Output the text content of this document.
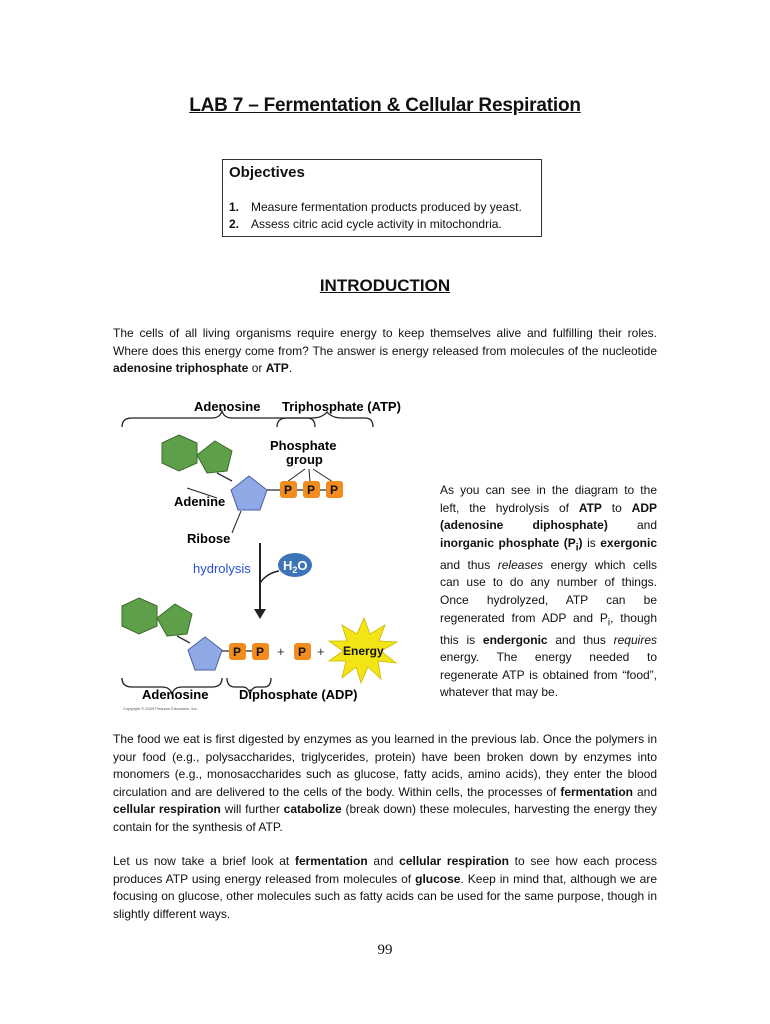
LAB 7 – Fermentation & Cellular Respiration
Objectives
1. Measure fermentation products produced by yeast.
2. Assess citric acid cycle activity in mitochondria.
INTRODUCTION

The cells of all living organisms require energy to keep themselves alive and fulfilling their roles. Where does this energy come from? The answer is energy released from molecules of the nucleotide adenosine triphosphate or ATP.

Adenosine Triphosphate (ATP)
Phosphate
group
P P P
Adenine
Ribose
hydrolysis $H_2O$
P P + P + Energy
Adenosine Diphosphate (ADP)
Copyright © 2009 Pearson Education, Inc.

As you can see in the diagram to the left, the hydrolysis of ATP to ADP (adenosine diphosphate) and inorganic phosphate $(P_i)$ is exergonic and thus releases energy which cells can use to do any number of things. Once hydrolyzed, ATP can be regenerated from ADP and $P_i$, though this is endergonic and thus requires energy. The energy needed to regenerate ATP is obtained from “food”, whatever that may be.

The food we eat is first digested by enzymes as you learned in the previous lab. Once the polymers in your food (e.g., polysaccharides, triglycerides, protein) have been broken down by enzymes into monomers (e.g., monosaccharides such as glucose, fatty acids, amino acids), they enter the blood circulation and are delivered to the cells of the body. Within cells, the processes of fermentation and cellular respiration will further catabolize (break down) these molecules, harvesting the energy they contain for the synthesis of ATP.

Let us now take a brief look at fermentation and cellular respiration to see how each process produces ATP using energy released from molecules of glucose. Keep in mind that, although we are focusing on glucose, other molecules such as fatty acids can be used for the same purpose, though in slightly different ways.

99
